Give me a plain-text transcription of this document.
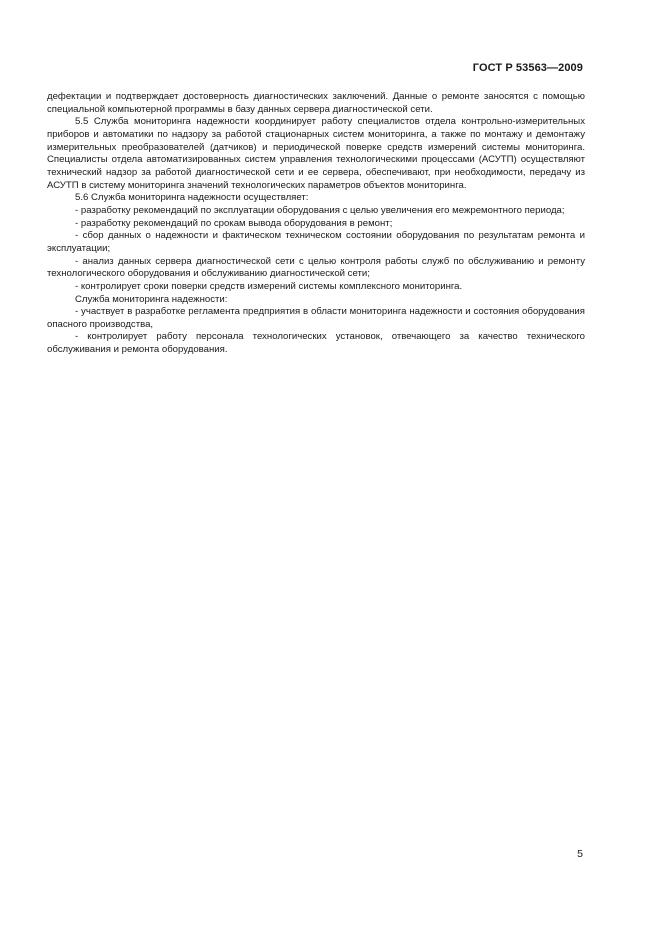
ГОСТ Р 53563—2009

дефектации и подтверждает достоверность диагностических заключений. Данные о ремонте заносятся с помощью специальной компьютерной программы в базу данных сервера диагностической сети.

5.5 Служба мониторинга надежности координирует работу специалистов отдела контрольно-измерительных приборов и автоматики по надзору за работой стационарных систем мониторинга, а также по монтажу и демонтажу измерительных преобразователей (датчиков) и периодической поверке средств измерений системы мониторинга. Специалисты отдела автоматизированных систем управления технологическими процессами (АСУТП) осуществляют технический надзор за работой диагностической сети и ее сервера, обеспечивают, при необходимости, передачу из АСУТП в систему мониторинга значений технологических параметров объектов мониторинга.

5.6 Служба мониторинга надежности осуществляет:

- разработку рекомендаций по эксплуатации оборудования с целью увеличения его межремонтного периода;

- разработку рекомендаций по срокам вывода оборудования в ремонт;

- сбор данных о надежности и фактическом техническом состоянии оборудования по результатам ремонта и эксплуатации;

- анализ данных сервера диагностической сети с целью контроля работы служб по обслуживанию и ремонту технологического оборудования и обслуживанию диагностической сети;

- контролирует сроки поверки средств измерений системы комплексного мониторинга.

Служба мониторинга надежности:

- участвует в разработке регламента предприятия в области мониторинга надежности и состояния оборудования опасного производства,

- контролирует работу персонала технологических установок, отвечающего за качество технического обслуживания и ремонта оборудования.

5
